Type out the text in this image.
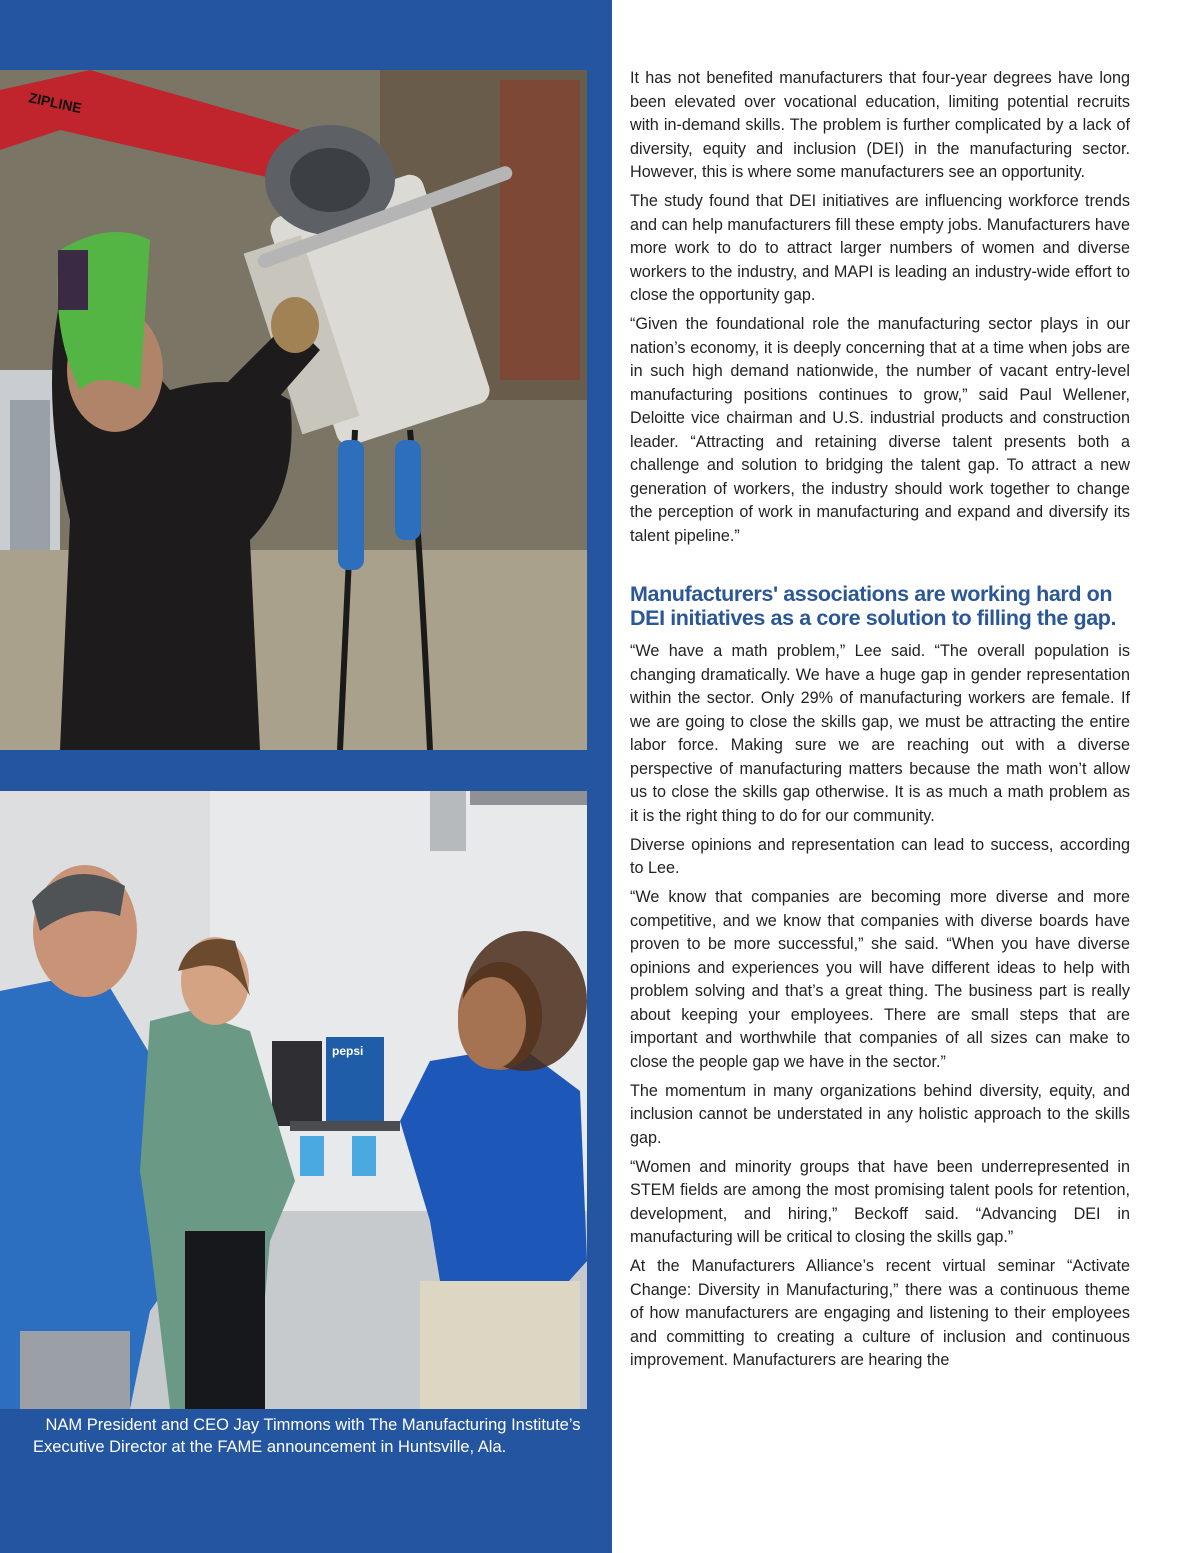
ZIPLINE
pepsi
NAM President and CEO Jay Timmons with The Manufacturing Institute’s Executive Director at the FAME announcement in Huntsville, Ala.

It has not benefited manufacturers that four-year degrees have long been elevated over vocational education, limiting potential recruits with in-demand skills. The problem is further complicated by a lack of diversity, equity and inclusion (DEI) in the manufacturing sector. However, this is where some manufacturers see an opportunity.

The study found that DEI initiatives are influencing workforce trends and can help manufacturers fill these empty jobs. Manufacturers have more work to do to attract larger numbers of women and diverse workers to the industry, and MAPI is leading an industry-wide effort to close the opportunity gap.

“Given the foundational role the manufacturing sector plays in our nation’s economy, it is deeply concerning that at a time when jobs are in such high demand nationwide, the number of vacant entry-level manufacturing positions continues to grow,” said Paul Wellener, Deloitte vice chairman and U.S. industrial products and construction leader. “Attracting and retaining diverse talent presents both a challenge and solution to bridging the talent gap. To attract a new generation of workers, the industry should work together to change the perception of work in manufacturing and expand and diversify its talent pipeline.”

Manufacturers' associations are working hard on DEI initiatives as a core solution to filling the gap.

“We have a math problem,” Lee said. “The overall population is changing dramatically. We have a huge gap in gender representation within the sector. Only 29% of manufacturing workers are female. If we are going to close the skills gap, we must be attracting the entire labor force. Making sure we are reaching out with a diverse perspective of manufacturing matters because the math won’t allow us to close the skills gap otherwise. It is as much a math problem as it is the right thing to do for our community.

Diverse opinions and representation can lead to success, according to Lee.

“We know that companies are becoming more diverse and more competitive, and we know that companies with diverse boards have proven to be more successful,” she said. “When you have diverse opinions and experiences you will have different ideas to help with problem solving and that’s a great thing. The business part is really about keeping your employees. There are small steps that are important and worthwhile that companies of all sizes can make to close the people gap we have in the sector.”

The momentum in many organizations behind diversity, equity, and inclusion cannot be understated in any holistic approach to the skills gap.

“Women and minority groups that have been underrepresented in STEM fields are among the most promising talent pools for retention, development, and hiring,” Beckoff said. “Advancing DEI in manufacturing will be critical to closing the skills gap.”

At the Manufacturers Alliance’s recent virtual seminar “Activate Change: Diversity in Manufacturing,” there was a continuous theme of how manufacturers are engaging and listening to their employees and committing to creating a culture of inclusion and continuous improvement. Manufacturers are hearing the
